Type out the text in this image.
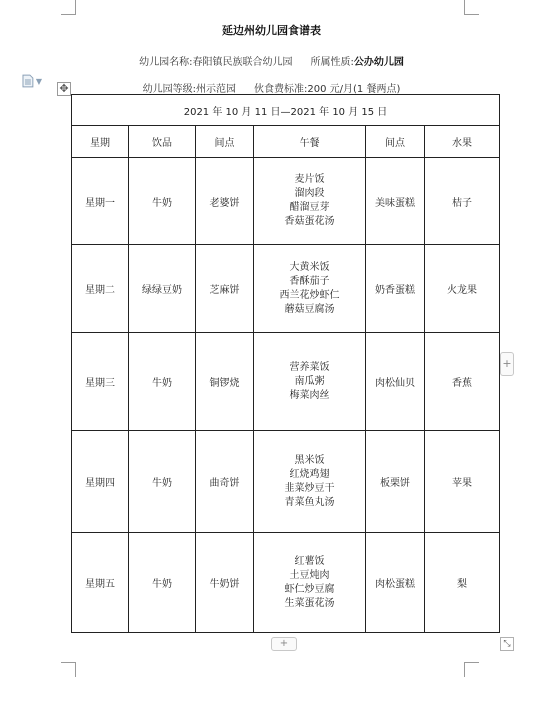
▼
✥
+
+	⤡
延边州幼儿园食谱表
幼儿园名称:春阳镇民族联合幼儿园 所属性质:公办幼儿园
幼儿园等级:州示范园 伙食费标准:200 元/月(1 餐两点)
2021 年 10 月 11 日—2021 年 10 月 15 日					
星期	饮品	间点	午餐	间点	水果
星期一	牛奶	老婆饼	麦片饭
溜肉段
醋溜豆芽
香菇蛋花汤	美味蛋糕	桔子
星期二	绿绿豆奶	芝麻饼	大黄米饭
香酥茄子
西兰花炒虾仁
蘑菇豆腐汤	奶香蛋糕	火龙果
星期三	牛奶	铜锣烧	营养菜饭
南瓜粥
梅菜肉丝	肉松仙贝	香蕉
星期四	牛奶	曲奇饼	黑米饭
红烧鸡翅
韭菜炒豆干
青菜鱼丸汤	板栗饼	苹果
星期五	牛奶	牛奶饼	红薯饭
土豆炖肉
虾仁炒豆腐
生菜蛋花汤	肉松蛋糕	梨
